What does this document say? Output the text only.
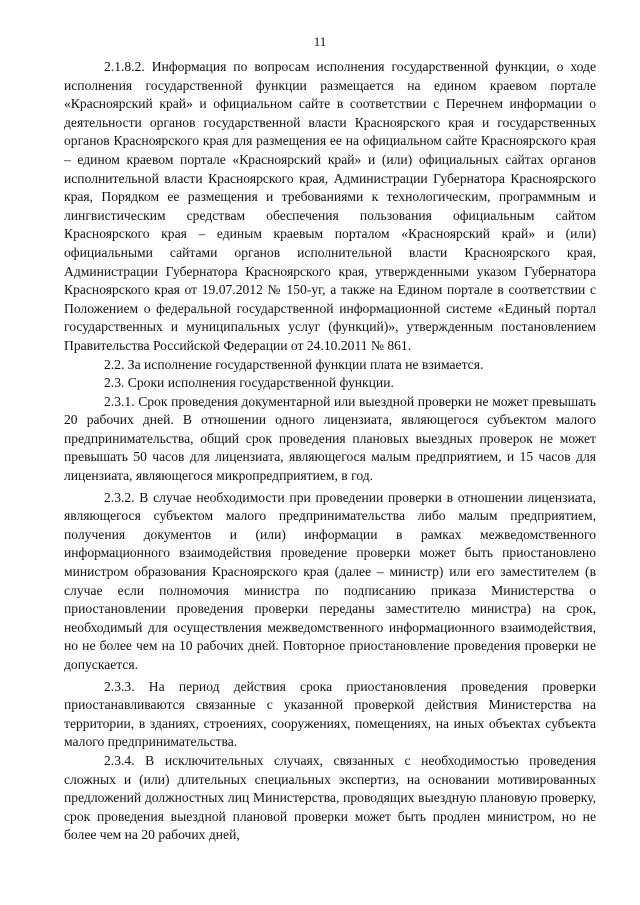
11

2.1.8.2. Информация по вопросам исполнения государственной функции, о ходе исполнения государственной функции размещается на едином краевом портале «Красноярский край» и официальном сайте в соответствии с Перечнем информации о деятельности органов государственной власти Красноярского края и государственных органов Красноярского края для размещения ее на официальном сайте Красноярского края – едином краевом портале «Красноярский край» и (или) официальных сайтах органов исполнительной власти Красноярского края, Администрации Губернатора Красноярского края, Порядком ее размещения и требованиями к технологическим, программным и лингвистическим средствам обеспечения пользования официальным сайтом Красноярского края – единым краевым порталом «Красноярский край» и (или) официальными сайтами органов исполнительной власти Красноярского края, Администрации Губернатора Красноярского края, утвержденными указом Губернатора Красноярского края от 19.07.2012 № 150-уг, а также на Едином портале в соответствии с Положением о федеральной государственной информационной системе «Единый портал государственных и муниципальных услуг (функций)», утвержденным постановлением Правительства Российской Федерации от 24.10.2011 № 861.

2.2. За исполнение государственной функции плата не взимается.

2.3. Сроки исполнения государственной функции.

2.3.1. Срок проведения документарной или выездной проверки не может превышать 20 рабочих дней. В отношении одного лицензиата, являющегося субъектом малого предпринимательства, общий срок проведения плановых выездных проверок не может превышать 50 часов для лицензиата, являющегося малым предприятием, и 15 часов для лицензиата, являющегося микропредприятием, в год.

2.3.2. В случае необходимости при проведении проверки в отношении лицензиата, являющегося субъектом малого предпринимательства либо малым предприятием, получения документов и (или) информации в рамках межведомственного информационного взаимодействия проведение проверки может быть приостановлено министром образования Красноярского края (далее – министр) или его заместителем (в случае если полномочия министра по подписанию приказа Министерства о приостановлении проведения проверки переданы заместителю министра) на срок, необходимый для осуществления межведомственного информационного взаимодействия, но не более чем на 10 рабочих дней. Повторное приостановление проведения проверки не допускается.

2.3.3. На период действия срока приостановления проведения проверки приостанавливаются связанные с указанной проверкой действия Министерства на территории, в зданиях, строениях, сооружениях, помещениях, на иных объектах субъекта малого предпринимательства.

2.3.4. В исключительных случаях, связанных с необходимостью проведения сложных и (или) длительных специальных экспертиз, на основании мотивированных предложений должностных лиц Министерства, проводящих выездную плановую проверку, срок проведения выездной плановой проверки может быть продлен министром, но не более чем на 20 рабочих дней,
